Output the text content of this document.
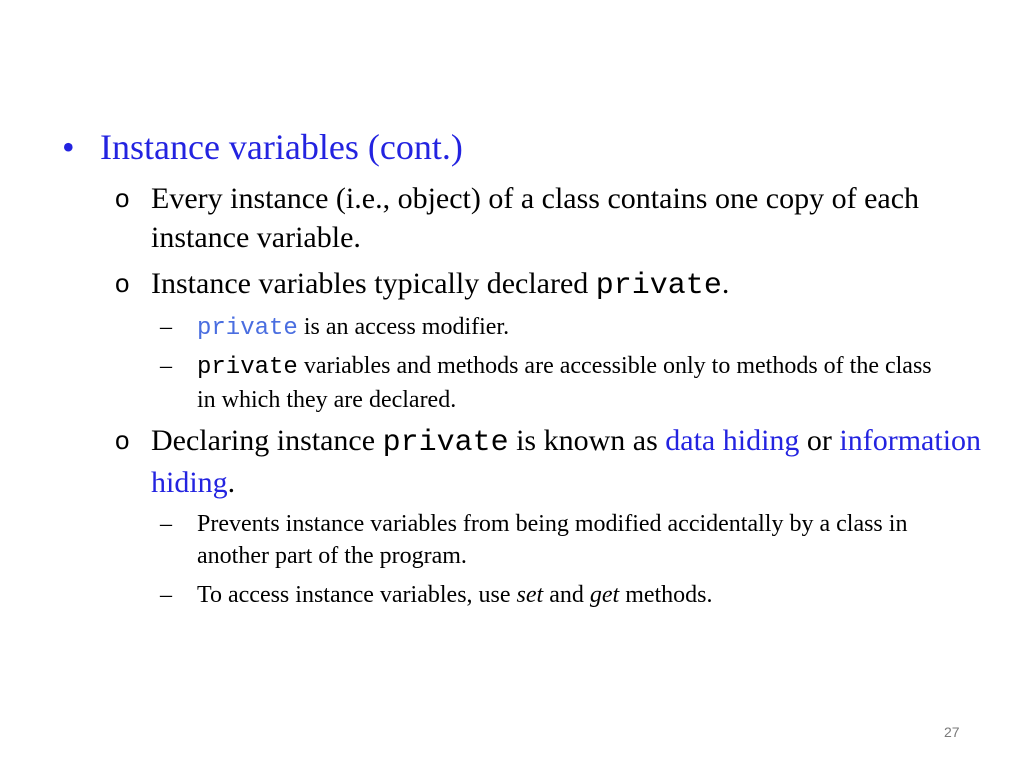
• Instance variables (cont.)
o Every instance (i.e., object) of a class contains one copy of each instance variable.
o Instance variables typically declared private.
– private is an access modifier.
– private variables and methods are accessible only to methods of the class in which they are declared.
o Declaring instance private is known as data hiding or information hiding.
– Prevents instance variables from being modified accidentally by a class in another part of the program.
– To access instance variables, use set and get methods.
27
